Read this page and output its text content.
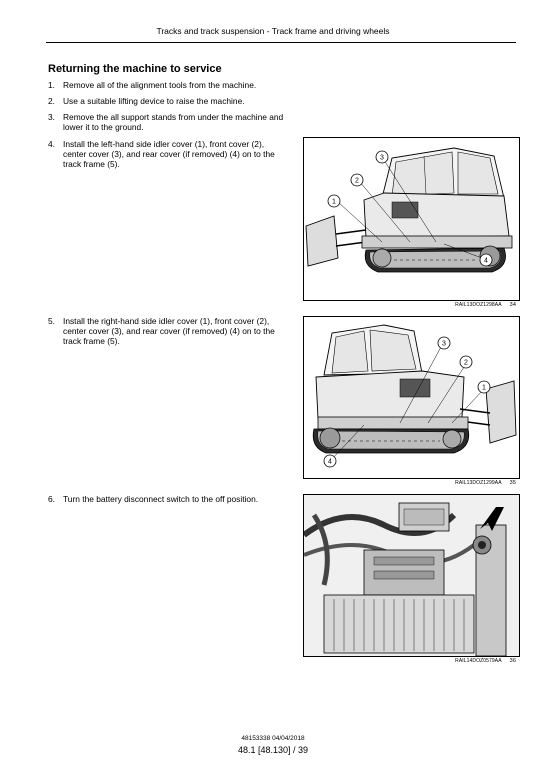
Tracks and track suspension - Track frame and driving wheels
Returning the machine to service
1. Remove all of the alignment tools from the machine.
2. Use a suitable lifting device to raise the machine.
3. Remove the all support stands from under the machine and lower it to the ground.
4. Install the left-hand side idler cover (1), front cover (2), center cover (3), and rear cover (if removed) (4) on to the track frame (5).
5. Install the right-hand side idler cover (1), front cover (2), center cover (3), and rear cover (if removed) (4) on to the track frame (5).
6. Turn the battery disconnect switch to the off position.
1
2
3
4
RAIL13DOZ1298AA 34
1
2
3
4
RAIL13DOZ1299AA 35
RAIL14DOZ0579AA 36
48153338 04/04/2018
48.1 [48.130] / 39
